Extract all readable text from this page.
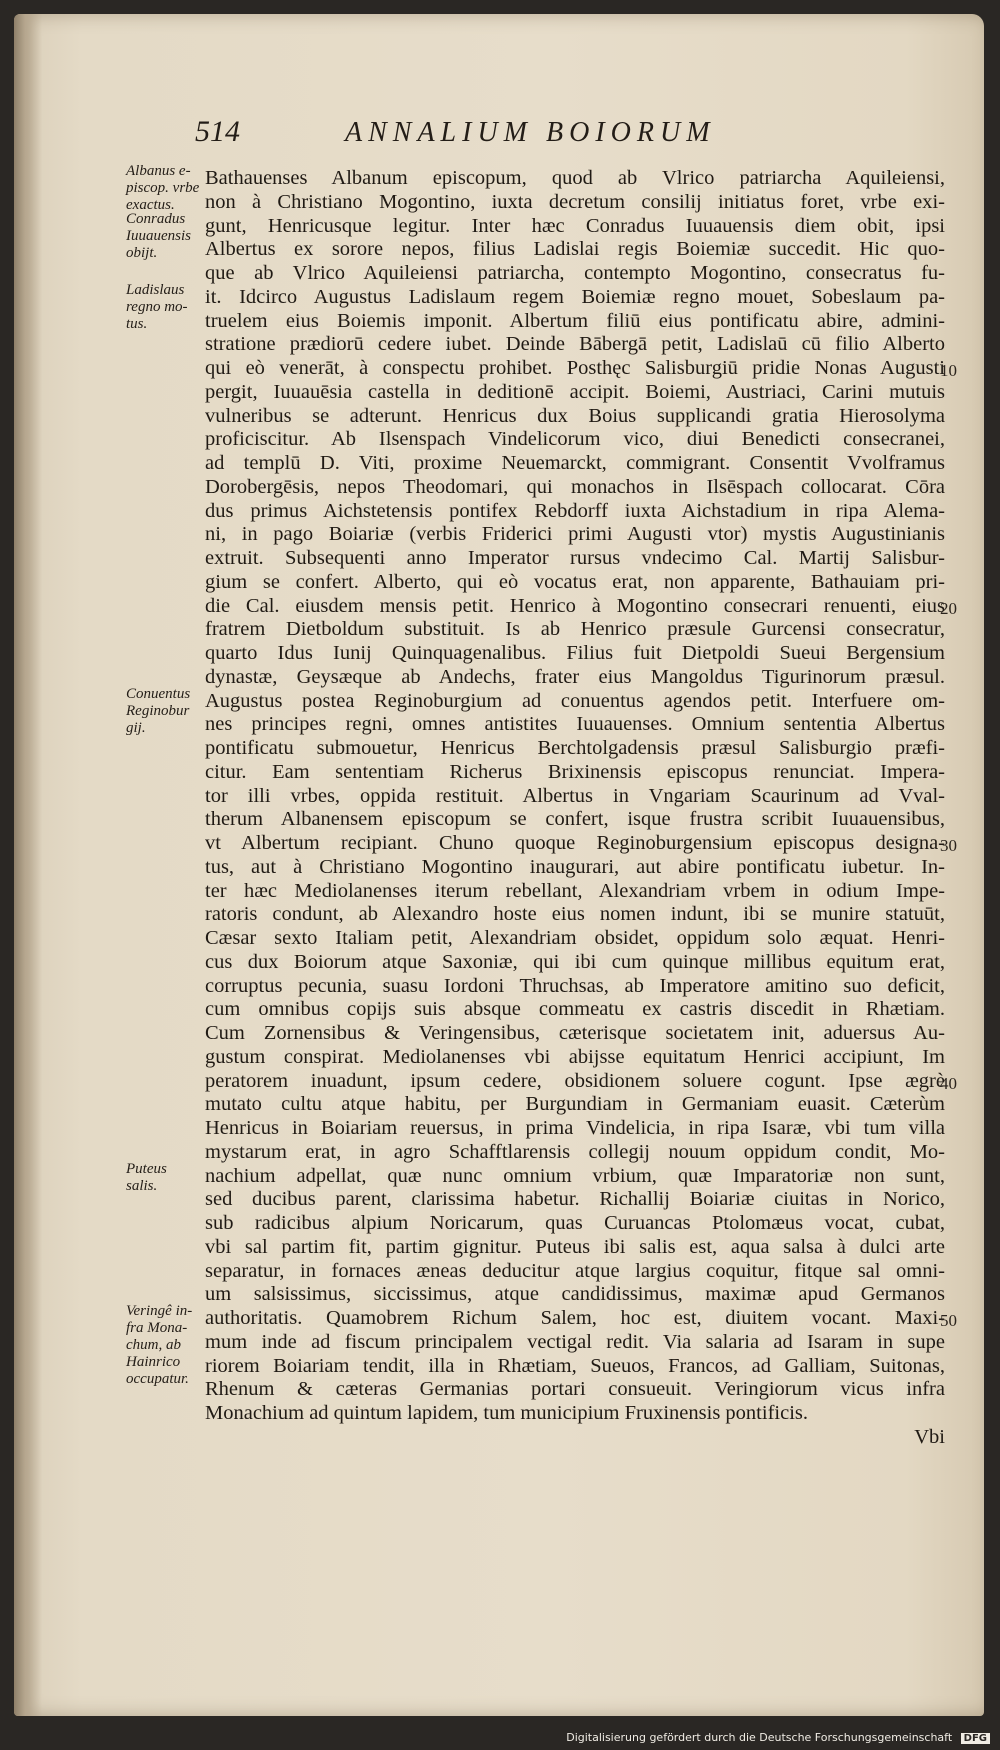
514	ANNALIUM BOIORUM
Bathauenses Albanum episcopum, quod ab Vlrico patriarcha Aquileiensi,
non à Christiano Mogontino, iuxta decretum consilij initiatus foret, vrbe exi-
gunt, Henricusque legitur. Inter hæc Conradus Iuuauensis diem obit, ipsi
Albertus ex sorore nepos, filius Ladislai regis Boiemiæ succedit. Hic quo-
que ab Vlrico Aquileiensi patriarcha, contempto Mogontino, consecratus fu-
it. Idcirco Augustus Ladislaum regem Boiemiæ regno mouet, Sobeslaum pa-
truelem eius Boiemis imponit. Albertum filiū eius pontificatu abire, admini-
stratione prædiorū cedere iubet. Deinde Bābergā petit, Ladislaū cū filio Alberto
qui eò venerāt, à conspectu prohibet. Posthęc Salisburgiū pridie Nonas Augusti
pergit, Iuuauēsia castella in deditionē accipit. Boiemi, Austriaci, Carini mutuis
vulneribus se adterunt. Henricus dux Boius supplicandi gratia Hierosolyma
proficiscitur. Ab Ilsenspach Vindelicorum vico, diui Benedicti consecranei,
ad templū D. Viti, proxime Neuemarckt, commigrant. Consentit Vvolframus
Dorobergēsis, nepos Theodomari, qui monachos in Ilsēspach collocarat. Cōra
dus primus Aichstetensis pontifex Rebdorff iuxta Aichstadium in ripa Alema-
ni, in pago Boiariæ (verbis Friderici primi Augusti vtor) mystis Augustinianis
extruit. Subsequenti anno Imperator rursus vndecimo Cal. Martij Salisbur-
gium se confert. Alberto, qui eò vocatus erat, non apparente, Bathauiam pri-
die Cal. eiusdem mensis petit. Henrico à Mogontino consecrari renuenti, eius
fratrem Dietboldum substituit. Is ab Henrico præsule Gurcensi consecratur,
quarto Idus Iunij Quinquagenalibus. Filius fuit Dietpoldi Sueui Bergensium
dynastæ, Geysæque ab Andechs, frater eius Mangoldus Tigurinorum præsul.
Augustus postea Reginoburgium ad conuentus agendos petit. Interfuere om-
nes principes regni, omnes antistites Iuuauenses. Omnium sententia Albertus
pontificatu submouetur, Henricus Berchtolgadensis præsul Salisburgio præfi-
citur. Eam sententiam Richerus Brixinensis episcopus renunciat. Impera-
tor illi vrbes, oppida restituit. Albertus in Vngariam Scaurinum ad Vval-
therum Albanensem episcopum se confert, isque frustra scribit Iuuauensibus,
vt Albertum recipiant. Chuno quoque Reginoburgensium episcopus designa-
tus, aut à Christiano Mogontino inaugurari, aut abire pontificatu iubetur. In-
ter hæc Mediolanenses iterum rebellant, Alexandriam vrbem in odium Impe-
ratoris condunt, ab Alexandro hoste eius nomen indunt, ibi se munire statuūt,
Cæsar sexto Italiam petit, Alexandriam obsidet, oppidum solo æquat. Henri-
cus dux Boiorum atque Saxoniæ, qui ibi cum quinque millibus equitum erat,
corruptus pecunia, suasu Iordoni Thruchsas, ab Imperatore amitino suo deficit,
cum omnibus copijs suis absque commeatu ex castris discedit in Rhætiam.
Cum Zornensibus & Veringensibus, cæterisque societatem init, aduersus Au-
gustum conspirat. Mediolanenses vbi abijsse equitatum Henrici accipiunt, Im
peratorem inuadunt, ipsum cedere, obsidionem soluere cogunt. Ipse ægrè
mutato cultu atque habitu, per Burgundiam in Germaniam euasit. Cæterùm
Henricus in Boiariam reuersus, in prima Vindelicia, in ripa Isaræ, vbi tum villa
mystarum erat, in agro Schafftlarensis collegij nouum oppidum condit, Mo-
nachium adpellat, quæ nunc omnium vrbium, quæ Imparatoriæ non sunt,
sed ducibus parent, clarissima habetur. Richallij Boiariæ ciuitas in Norico,
sub radicibus alpium Noricarum, quas Curuancas Ptolomæus vocat, cubat,
vbi sal partim fit, partim gignitur. Puteus ibi salis est, aqua salsa à dulci arte
separatur, in fornaces æneas deducitur atque largius coquitur, fitque sal omni-
um salsissimus, siccissimus, atque candidissimus, maximæ apud Germanos
authoritatis. Quamobrem Richum Salem, hoc est, diuitem vocant. Maxi-
mum inde ad fiscum principalem vectigal redit. Via salaria ad Isaram in supe
riorem Boiariam tendit, illa in Rhætiam, Sueuos, Francos, ad Galliam, Suitonas,
Rhenum & cæteras Germanias portari consueuit. Veringiorum vicus infra
Monachium ad quintum lapidem, tum municipium Fruxinensis pontificis.
Vbi
Albanus e-
piscop. vrbe
exactus.
Conradus
Iuuauensis
obijt.
Ladislaus
regno mo-
tus.
Conuentus
Reginobur
gij.
Puteus
salis.
Veringê in-
fra Mona-
chum, ab
Hainrico
occupatur.
10
20
30
40
50
Digitalisierung gefördert durch die Deutsche Forschungsgemeinschaft DFG
